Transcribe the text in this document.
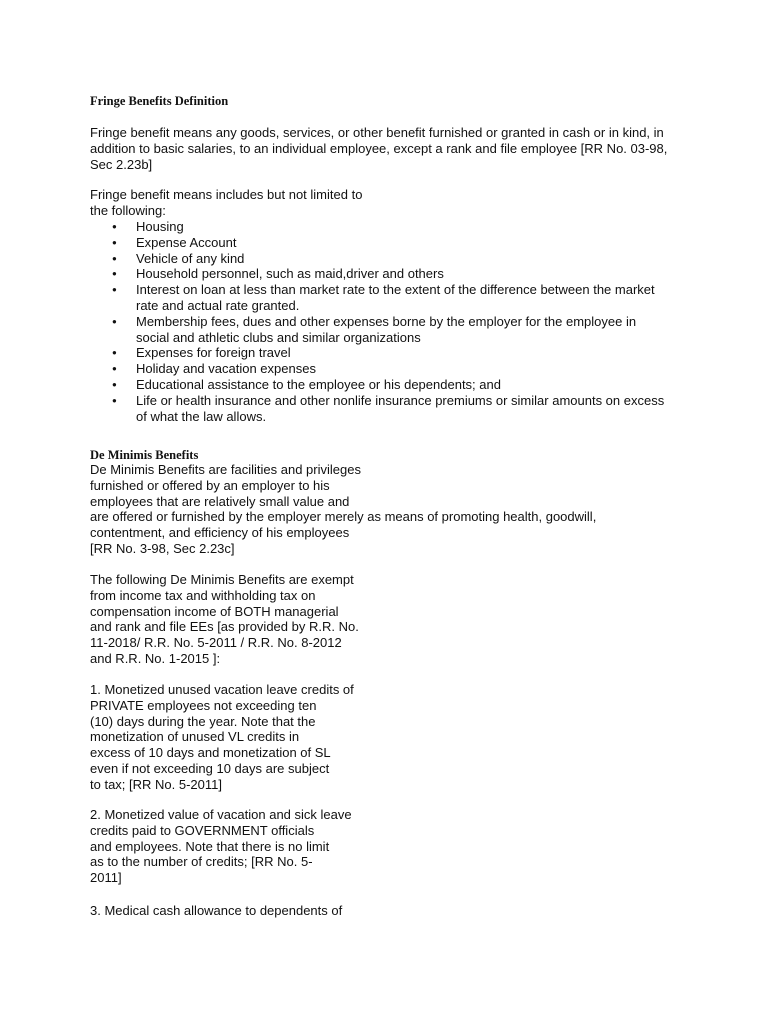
Fringe Benefits Definition
Fringe benefit means any goods, services, or other benefit furnished or granted in cash or in kind, in
addition to basic salaries, to an individual employee, except a rank and file employee [RR No. 03-98,
Sec 2.23b]
Fringe benefit means includes but not limited to
the following:
● Housing
● Expense Account
● Vehicle of any kind
● Household personnel, such as maid,driver and others
● Interest on loan at less than market rate to the extent of the difference between the market
rate and actual rate granted.
● Membership fees, dues and other expenses borne by the employer for the employee in
social and athletic clubs and similar organizations
● Expenses for foreign travel
● Holiday and vacation expenses
● Educational assistance to the employee or his dependents; and
● Life or health insurance and other nonlife insurance premiums or similar amounts on excess
of what the law allows.
De Minimis Benefits
De Minimis Benefits are facilities and privileges
furnished or offered by an employer to his
employees that are relatively small value and
are offered or furnished by the employer merely as means of promoting health, goodwill,
contentment, and efficiency of his employees
[RR No. 3-98, Sec 2.23c]
The following De Minimis Benefits are exempt
from income tax and withholding tax on
compensation income of BOTH managerial
and rank and file EEs [as provided by R.R. No.
11-2018/ R.R. No. 5-2011 / R.R. No. 8-2012
and R.R. No. 1-2015 ]:
1. Monetized unused vacation leave credits of
PRIVATE employees not exceeding ten
(10) days during the year. Note that the
monetization of unused VL credits in
excess of 10 days and monetization of SL
even if not exceeding 10 days are subject
to tax; [RR No. 5-2011]
2. Monetized value of vacation and sick leave
credits paid to GOVERNMENT officials
and employees. Note that there is no limit
as to the number of credits; [RR No. 5-
2011]
3. Medical cash allowance to dependents of
